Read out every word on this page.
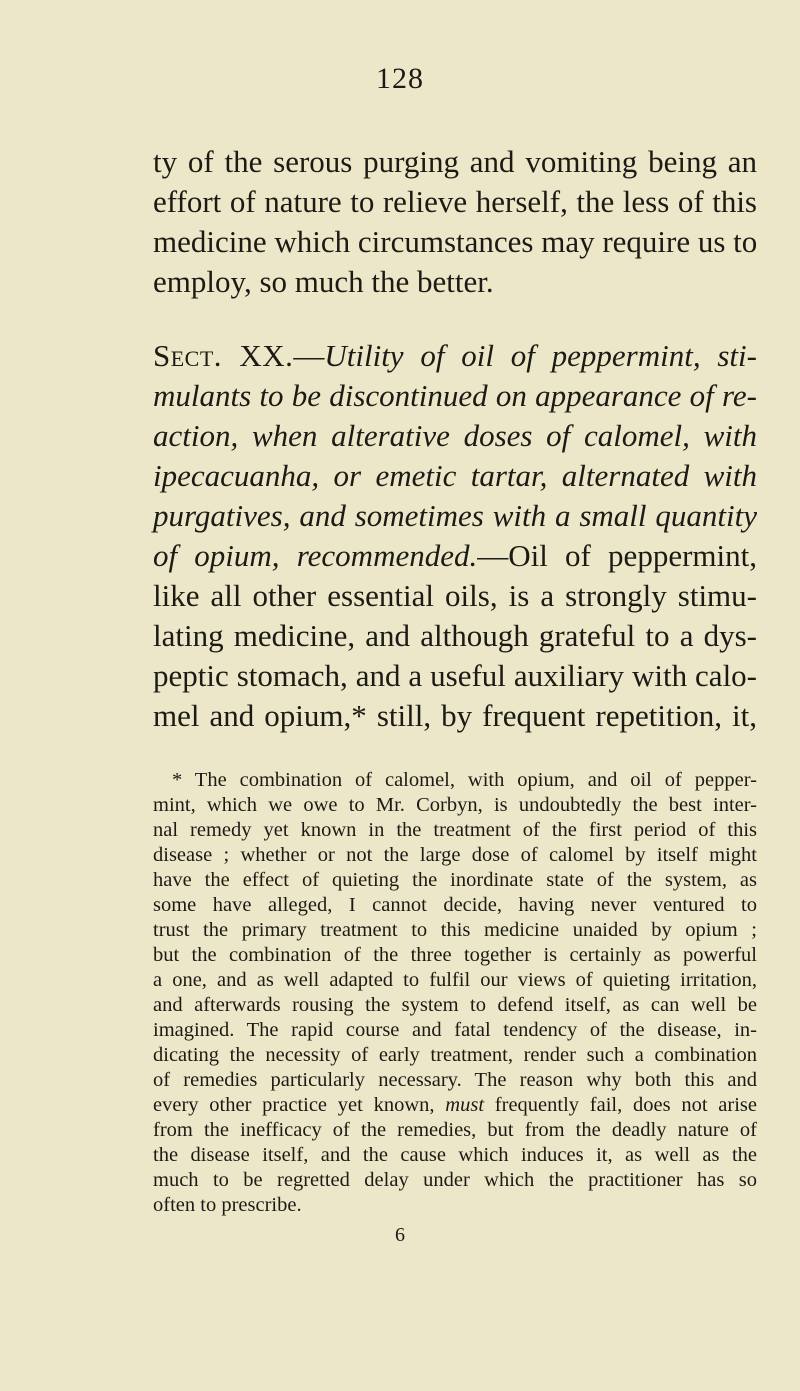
128
ty of the serous purging and vomiting being an
effort of nature to relieve herself, the less of this
medicine which circumstances may require us to
employ, so much the better.
Sect. XX.—Utility of oil of peppermint, sti-
mulants to be discontinued on appearance of re-
action, when alterative doses of calomel, with
ipecacuanha, or emetic tartar, alternated with
purgatives, and sometimes with a small quantity
of opium, recommended.—Oil of peppermint,
like all other essential oils, is a strongly stimu-
lating medicine, and although grateful to a dys-
peptic stomach, and a useful auxiliary with calo-
mel and opium,* still, by frequent repetition, it,
* The combination of calomel, with opium, and oil of pepper-
mint, which we owe to Mr. Corbyn, is undoubtedly the best inter-
nal remedy yet known in the treatment of the first period of this
disease ; whether or not the large dose of calomel by itself might
have the effect of quieting the inordinate state of the system, as
some have alleged, I cannot decide, having never ventured to
trust the primary treatment to this medicine unaided by opium ;
but the combination of the three together is certainly as powerful
a one, and as well adapted to fulfil our views of quieting irritation,
and afterwards rousing the system to defend itself, as can well be
imagined. The rapid course and fatal tendency of the disease, in-
dicating the necessity of early treatment, render such a combination
of remedies particularly necessary. The reason why both this and
every other practice yet known, must frequently fail, does not arise
from the inefficacy of the remedies, but from the deadly nature of
the disease itself, and the cause which induces it, as well as the
much to be regretted delay under which the practitioner has so
often to prescribe.
6
